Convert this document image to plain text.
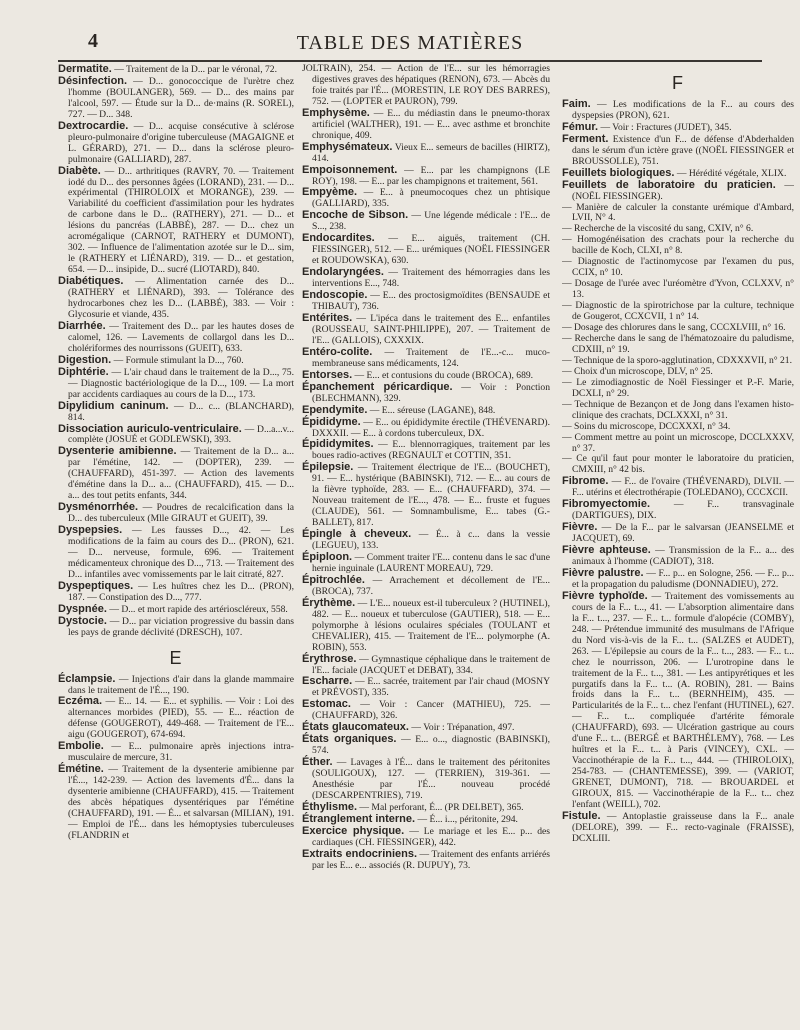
4	TABLE DES MATIÈRES

Dermatite. — Traitement de la D... par le véronal, 72.

Désinfection. — D... gonococcique de l'urètre chez l'homme (BOULANGER), 569. — D... des mains par l'alcool, 597. — Étude sur la D... de·mains (R. SOREL), 727. — D... 348.

Dextrocardie. — D... acquise consécutive à sclérose pleuro-pulmonaire d'origine tuberculeuse (MAGAIGNE et L. GÉRARD), 271. — D... dans la sclérose pleuro-pulmonaire (GALLIARD), 287.

Diabète. — D... arthritiques (RAVRY, 70. — Traitement iodé du D... des personnes âgées (LORAND), 231. — D... expérimental (THIROLOIX et MORANGE), 239. — Variabilité du coefficient d'assimilation pour les hydrates de carbone dans le D... (RATHERY), 271. — D... et lésions du pancréas (LABBÉ), 287. — D... chez un acromégalique (CARNOT, RATHERY et DUMONT), 302. — Influence de l'alimentation azotée sur le D... sim, le (RATHERY et LIÉNARD), 319. — D... et gestation, 654. — D... insipide, D... sucré (LIOTARD), 840.

Diabétiques. — Alimentation carnée des D... (RATHERY et LIÉNARD), 393. — Tolérance des hydrocarbones chez les D... (LABBÉ), 383. — Voir : Glycosurie et viande, 435.

Diarrhée. — Traitement des D... par les hautes doses de calomel, 126. — Lavements de collargol dans les D... cholériformes des nourrissons (GUEIT), 633.

Digestion. — Formule stimulant la D..., 760.

Diphtérie. — L'air chaud dans le traitement de la D..., 75. — Diagnostic bactériologique de la D..., 109. — La mort par accidents cardiaques au cours de la D..., 173.

Dipylidium caninum. — D... c... (BLANCHARD), 814.

Dissociation auriculo-ventriculaire. — D...a...v... complète (JOSUÉ et GODLEWSKI), 393.

Dysenterie amibienne. — Traitement de la D... a... par l'émétine, 142. — (DOPTER), 239. — (CHAUFFARD), 451-397. — Action des lavements d'émétine dans la D... a... (CHAUFFARD), 415. — D... a... des tout petits enfants, 344.

Dysménorrhée. — Poudres de recalcification dans la D... des tuberculeux (Mlle GIRAUT et GUEIT), 39.

Dyspepsies. — Les fausses D..., 42. — Les modifications de la faim au cours des D... (PRON), 621. — D... nerveuse, formule, 696. — Traitement médicamenteux chronique des D..., 713. — Traitement des D... infantiles avec vomissements par le lait citraté, 827.

Dyspeptiques. — Les huîtres chez les D... (PRON), 187. — Constipation des D..., 777.

Dyspnée. — D... et mort rapide des artérioscléreux, 558.

Dystocie. — D... par viciation progressive du bassin dans les pays de grande déclivité (DRESCH), 107.

E

Éclampsie. — Injections d'air dans la glande mammaire dans le traitement de l'É..., 190.

Eczéma. — E... 14. — E... et syphilis. — Voir : Loi des alternances morbides (PIED), 55. — E... réaction de défense (GOUGEROT), 449-468. — Traitement de l'E... aigu (GOUGEROT), 674-694.

Embolie. — E... pulmonaire après injections intra-musculaire de mercure, 31.

Émétine. — Traitement de la dysenterie amibienne par l'É..., 142-239. — Action des lavements d'É... dans la dysenterie amibienne (CHAUFFARD), 415. — Traitement des abcès hépatiques dysentériques par l'émétine (CHAUFFARD), 191. — É... et salvarsan (MILIAN), 191. — Emploi de l'É... dans les hémoptysies tuberculeuses (FLANDRIN et

JOLTRAIN), 254. — Action de l'É... sur les hémorragies digestives graves des hépatiques (RENON), 673. — Abcès du foie traités par l'É... (MORESTIN, LE ROY DES BARRES), 752. — (LOPTER et PAURON), 799.

Emphysème. — E... du médiastin dans le pneumo-thorax artificiel (WALTHER), 191. — E... avec asthme et bronchite chronique, 409.

Emphysémateux. Vieux E... semeurs de bacilles (HIRTZ), 414.

Empoisonnement. — E... par les champignons (LE ROY), 198. — E... par les champignons et traitement, 561.

Empyème. — E... à pneumocoques chez un phtisique (GALLIARD), 335.

Encoche de Sibson. — Une légende médicale : l'E... de S..., 238.

Endocardites. — E... aiguës, traitement (CH. FIESSINGER), 512. — E... urémiques (NOËL FIESSINGER et ROUDOWSKA), 630.

Endolaryngées. — Traitement des hémorragies dans les interventions E..., 748.

Endoscopie. — E... des proctosigmoïdites (BENSAUDE et THIBAUT), 736.

Entérites. — L'ipéca dans le traitement des E... enfantiles (ROUSSEAU, SAINT-PHILIPPE), 207. — Traitement de l'E... (GALLOIS), CXXXIX.

Entéro-colite. — Traitement de l'E...-c... muco-membraneuse sans médicaments, 124.

Entorses. — E... et contusions du coude (BROCA), 689.

Épanchement péricardique. — Voir : Ponction (BLECHMANN), 329.

Ependymite. — E... séreuse (LAGANE), 848.

Épididyme. — E... ou épididymite érectile (THÉVENARD). DXXXII. — E... à cordons tuberculeux, DX.

Épididymites. — E... blennorragiques, traitement par les boues radio-actives (REGNAULT et COTTIN, 351.

Épilepsie. — Traitement électrique de l'E... (BOUCHET), 91. — E... hystérique (BABINSKI), 712. — E... au cours de la fièvre typhoïde, 283. — E... (CHAUFFARD), 374. — Nouveau traitement de l'E..., 478. — E... fruste et fugues (CLAUDE), 561. — Somnambulisme, E... tabes (G.-BALLET), 817.

Épingle à cheveux. — É... à c... dans la vessie (LEGUEU), 133.

Épiploon. — Comment traiter l'E... contenu dans le sac d'une hernie inguinale (LAURENT MOREAU), 729.

Épitrochlée. — Arrachement et décollement de l'E... (BROCA), 737.

Érythème. — L'E... noueux est-il tuberculeux ? (HUTINEL), 482. — E... noueux et tuberculose (GAUTIER), 518. — E... polymorphe à lésions oculaires spéciales (TOULANT et CHEVALIER), 415. — Traitement de l'E... polymorphe (A. ROBIN), 553.

Érythrose. — Gymnastique céphalique dans le traitement de l'E... faciale (JACQUET et DEBAT), 334.

Escharre. — E... sacrée, traitement par l'air chaud (MOSNY et PRÉVOST), 335.

Estomac. — Voir : Cancer (MATHIEU), 725. — (CHAUFFARD), 326.

États glaucomateux. — Voir : Trépanation, 497.

États organiques. — E... o..., diagnostic (BABINSKI), 574.

Éther. — Lavages à l'É... dans le traitement des péritonites (SOULIGOUX), 127. — (TERRIEN), 319-361. — Anesthésie par l'É... nouveau procédé (DESCARPENTRIES), 719.

Éthylisme. — Mal perforant, É... (PR DELBET), 365.

Étranglement interne. — É... i..., péritonite, 294.

Exercice physique. — Le mariage et les E... p... des cardiaques (CH. FIESSINGER), 442.

Extraits endocriniens. — Traitement des enfants arriérés par les E... e... associés (R. DUPUY), 73.

F

Faim. — Les modifications de la F... au cours des dyspepsies (PRON), 621.

Fémur. — Voir : Fractures (JUDET), 345.

Ferment. Existence d'un F... de défense d'Abderhalden dans le sérum d'un ictère grave ((NOËL FIESSINGER et BROUSSOLLE), 751.

Feuillets biologiques. — Hérédité végétale, XLIX.

Feuillets de laboratoire du praticien. — (NOËL FIESSINGER).

— Manière de calculer la constante urémique d'Ambard, LVII, N° 4.

— Recherche de la viscosité du sang, CXIV, n° 6.

— Homogénéisation des crachats pour la recherche du bacille de Koch, CLXI, n° 8.

— Diagnostic de l'actinomycose par l'examen du pus, CCIX, n° 10.

— Dosage de l'urée avec l'uréomètre d'Yvon, CCLXXV, n° 13.

— Diagnostic de la spirotrichose par la culture, technique de Gougerot, CCXCVII, 1 n° 14.

— Dosage des chlorures dans le sang, CCCXLVIII, n° 16.

— Recherche dans le sang de l'hématozoaire du paludisme, CDXIII, n° 19.

— Technique de la sporo-agglutination, CDXXXVII, n° 21.

— Choix d'un microscope, DLV, n° 25.

— Le zimodiagnostic de Noël Fiessinger et P.-F. Marie, DCXLI, n° 29.

— Technique de Bezançon et de Jong dans l'examen histo-clinique des crachats, DCLXXXI, n° 31.

— Soins du microscope, DCCXXXI, n° 34.

— Comment mettre au point un microscope, DCCLXXXV, n° 37.

— Ce qu'il faut pour monter le laboratoire du praticien, CMXIII, n° 42 bis.

Fibrome. — F... de l'ovaire (THÉVENARD), DLVII. — F... utérins et électrothérapie (TOLEDANO), CCCXCII.

Fibromyectomie. — F... transvaginale (DARTIGUES), DIX.

Fièvre. — De la F... par le salvarsan (JEANSELME et JACQUET), 69.

Fièvre aphteuse. — Transmission de la F... a... des animaux à l'homme (CADIOT), 318.

Fièvre palustre. — F... p... en Sologne, 256. — F... p... et la propagation du paludisme (DONNADIEU), 272.

Fièvre typhoïde. — Traitement des vomissements au cours de la F... t..., 41. — L'absorption alimentaire dans la F... t..., 237. — F... t... formule d'alopécie (COMBY), 248. — Prétendue immunité des musulmans de l'Afrique du Nord vis-à-vis de la F... t... (SALZES et AUDET), 263. — L'épilepsie au cours de la F... t..., 283. — F... t... chez le nourrisson, 206. — L'urotropine dans le traitement de la F... t..., 381. — Les antipyrétiques et les purgatifs dans la F... t... (A. ROBIN), 281. — Bains froids dans la F... t... (BERNHEIM), 435. — Particularités de la F... t... chez l'enfant (HUTINEL), 627. — F... t... compliquée d'artérite fémorale (CHAUFFARD), 693. — Ulcération gastrique au cours d'une F... t... (BERGÉ et BARTHÉLEMY), 768. — Les huîtres et la F... t... à Paris (VINCEY), CXL. — Vaccinothérapie de la F... t..., 444. — (THIROLOIX), 254-783. — (CHANTEMESSE), 399. — (VARIOT, GRENET, DUMONT), 718. — BROUARDEL et GIROUX, 815. — Vaccinothérapie de la F... t... chez l'enfant (WEILL), 702.

Fistule. — Antoplastie graisseuse dans la F... anale (DELORE), 399. — F... recto-vaginale (FRAISSE), DCXLIII.
